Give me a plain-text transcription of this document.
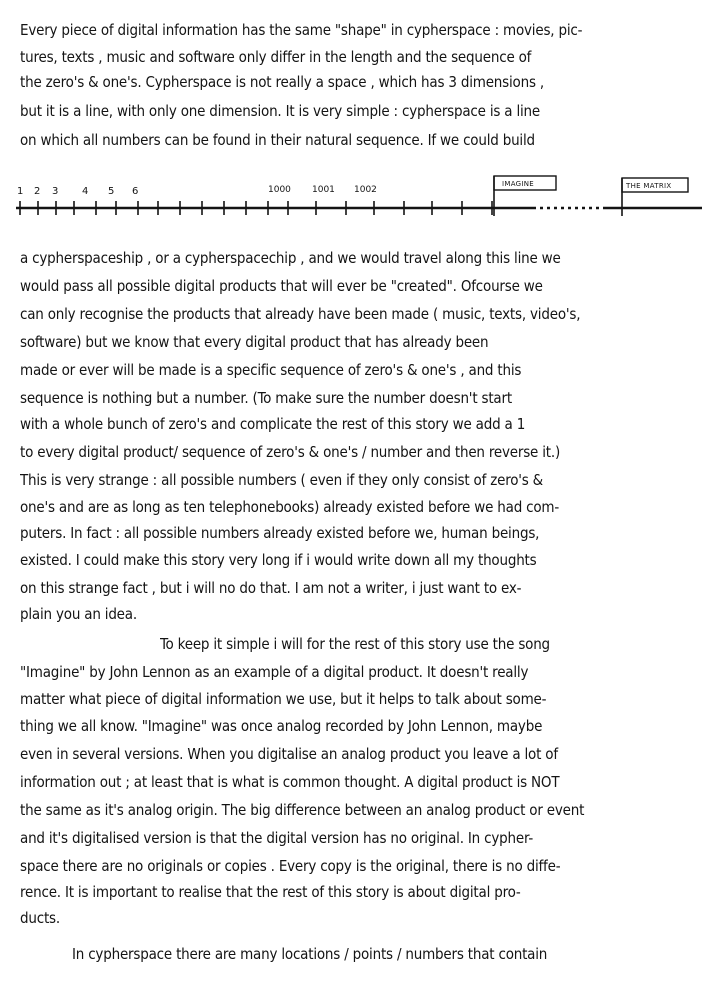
Every piece of digital information has the same "shape" in cypherspace : movies, pic-
tures, texts , music and software only differ in the length and the sequence of
the zero's & one's. Cypherspace is not really a space , which has 3 dimensions ,
but it is a line, with only one dimension. It is very simple : cypherspace is a line
on which all numbers can be found in their natural sequence. If we could build
1 2 3 4 5 6	1000 1001 1002
IMAGINE	THE MATRIX
a cypherspaceship , or a cypherspacechip , and we would travel along this line we
would pass all possible digital products that will ever be "created". Ofcourse we
can only recognise the products that already have been made ( music, texts, video's,
software) but we know that every digital product that has already been
made or ever will be made is a specific sequence of zero's & one's , and this
sequence is nothing but a number. (To make sure the number doesn't start
with a whole bunch of zero's and complicate the rest of this story we add a 1
to every digital product/ sequence of zero's & one's / number and then reverse it.)
This is very strange : all possible numbers ( even if they only consist of zero's &
one's and are as long as ten telephonebooks) already existed before we had com-
puters. In fact : all possible numbers already existed before we, human beings,
existed. I could make this story very long if i would write down all my thoughts
on this strange fact , but i will no do that. I am not a writer, i just want to ex-
plain you an idea.
To keep it simple i will for the rest of this story use the song
"Imagine" by John Lennon as an example of a digital product. It doesn't really
matter what piece of digital information we use, but it helps to talk about some-
thing we all know. "Imagine" was once analog recorded by John Lennon, maybe
even in several versions. When you digitalise an analog product you leave a lot of
information out ; at least that is what is common thought. A digital product is NOT
the same as it's analog origin. The big difference between an analog product or event
and it's digitalised version is that the digital version has no original. In cypher-
space there are no originals or copies . Every copy is the original, there is no diffe-
rence. It is important to realise that the rest of this story is about digital pro-
ducts.
In cypherspace there are many locations / points / numbers that contain
